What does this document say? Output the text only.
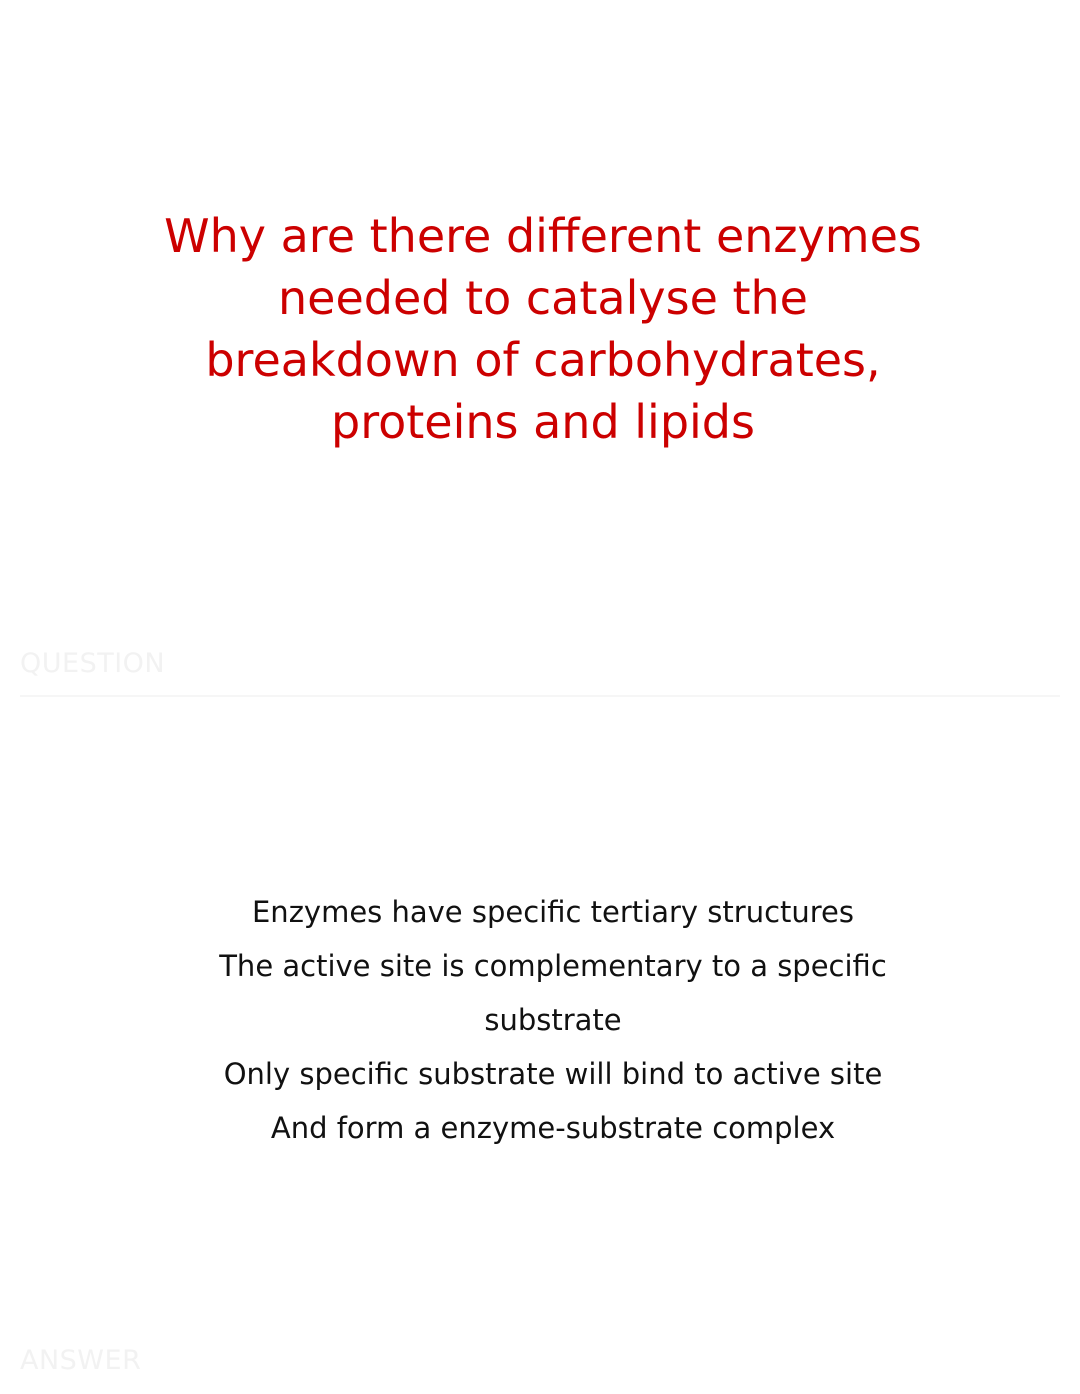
Why are there different enzymes needed to catalyse the breakdown of carbohydrates, proteins and lipids
QUESTION
Enzymes have specific tertiary structures
The active site is complementary to a specific substrate
Only specific substrate will bind to active site
And form a enzyme-substrate complex
ANSWER
